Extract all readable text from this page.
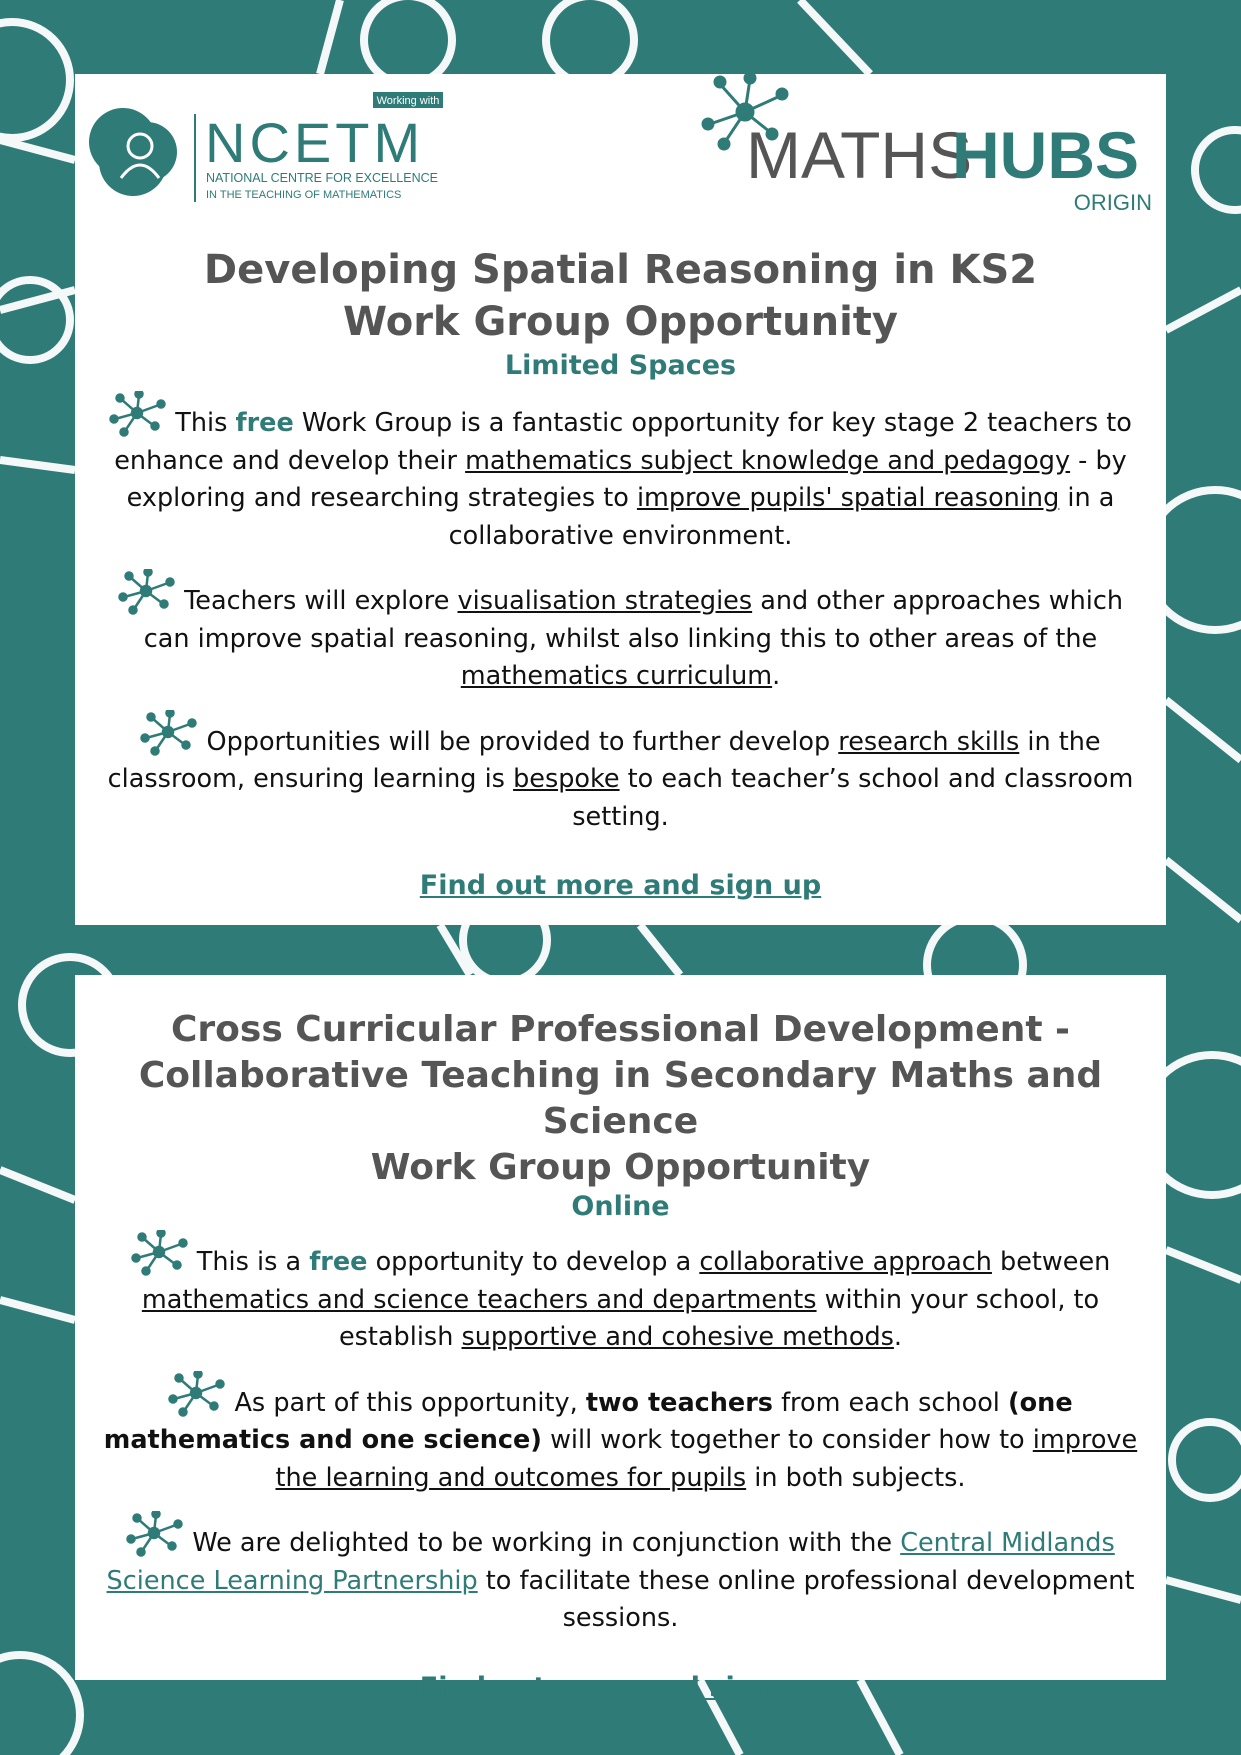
Working with
NCETM
NATIONAL CENTRE FOR EXCELLENCE
IN THE TEACHING OF MATHEMATICS
MATHS
HUBS
ORIGIN
Developing Spatial Reasoning in KS2
Work Group Opportunity
Limited Spaces

This free Work Group is a fantastic opportunity for key stage 2 teachers to enhance and develop their mathematics subject knowledge and pedagogy - by exploring and researching strategies to improve pupils' spatial reasoning in a collaborative environment.

Teachers will explore visualisation strategies and other approaches which can improve spatial reasoning, whilst also linking this to other areas of the mathematics curriculum.

Opportunities will be provided to further develop research skills in the classroom, ensuring learning is bespoke to each teacher’s school and classroom setting.

Find out more and sign up
Cross Curricular Professional Development -
Collaborative Teaching in Secondary Maths and Science
Work Group Opportunity
Online

This is a free opportunity to develop a collaborative approach between mathematics and science teachers and departments within your school, to establish supportive and cohesive methods.

As part of this opportunity, two teachers from each school (one mathematics and one science) will work together to consider how to improve the learning and outcomes for pupils in both subjects.

We are delighted to be working in conjunction with the Central Midlands Science Learning Partnership to facilitate these online professional development sessions.

Find out more and sign up
